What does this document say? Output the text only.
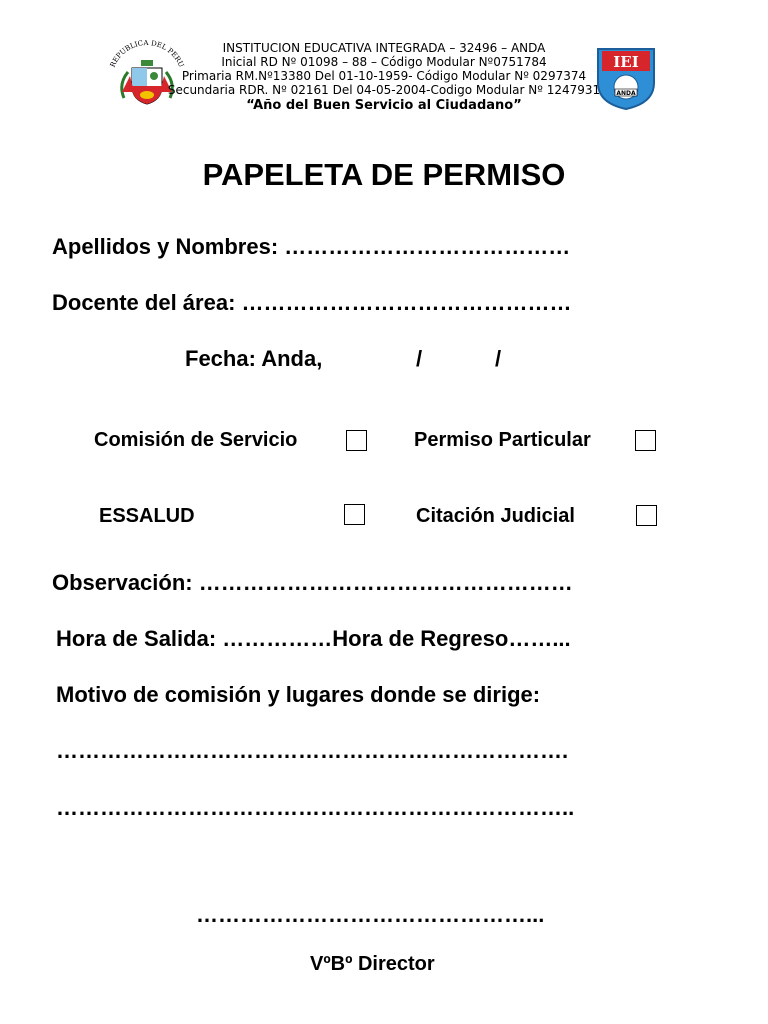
REPUBLICA DEL PERU	IEI
ANDA
INSTITUCION EDUCATIVA INTEGRADA – 32496 – ANDA
Inicial RD Nº 01098 – 88 – Código Modular Nº0751784
Primaria RM.Nº13380 Del 01-10-1959- Código Modular Nº 0297374
Secundaria RDR. Nº 02161 Del 04-05-2004-Codigo Modular Nº 1247931
“Año del Buen Servicio al Ciudadano”
PAPELETA DE PERMISO
Apellidos y Nombres: …………………………………
Docente del área: ………………………………………
Fecha: Anda,	/	/
Comisión de Servicio	Permiso Particular
ESSALUD	Citación Judicial
Observación: ……………………………………………
Hora de Salida: ……………Hora de Regreso……...
Motivo de comisión y lugares donde se dirige:
…………………………………………………………….
……………………………………………………………..
………………………………………...
VºBº Director
